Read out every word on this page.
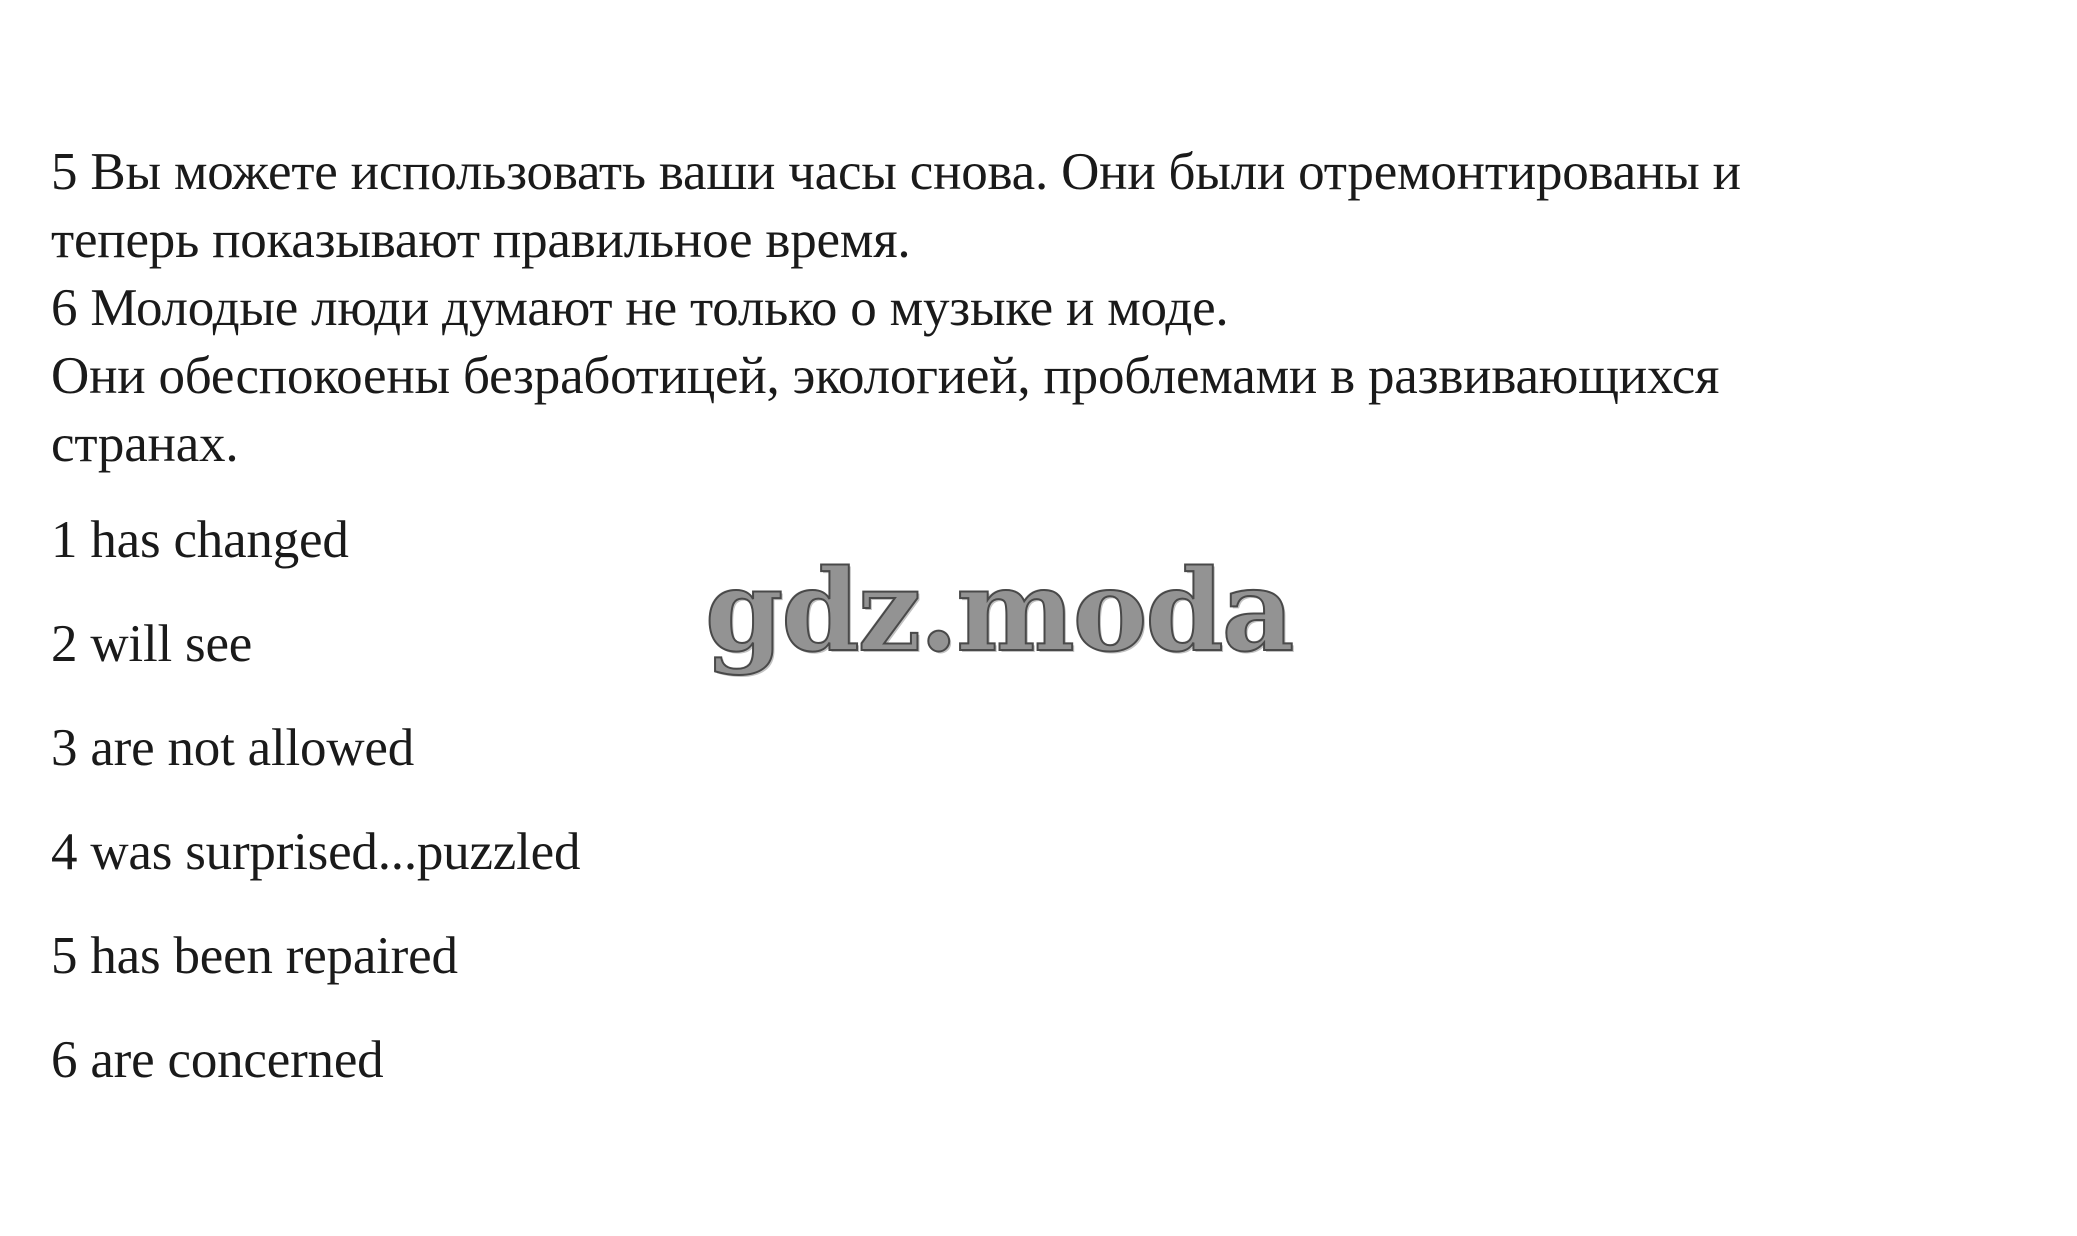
5 Вы можете использовать ваши часы снова. Они были отремонтированы и

теперь показывают правильное время.

6 Молодые люди думают не только о музыке и моде.

Они обеспокоены безработицей, экологией, проблемами в развивающихся

странах.

1 has changed

2 will see

3 are not allowed

4 was surprised...puzzled

5 has been repaired

6 are concerned

gdz.moda
